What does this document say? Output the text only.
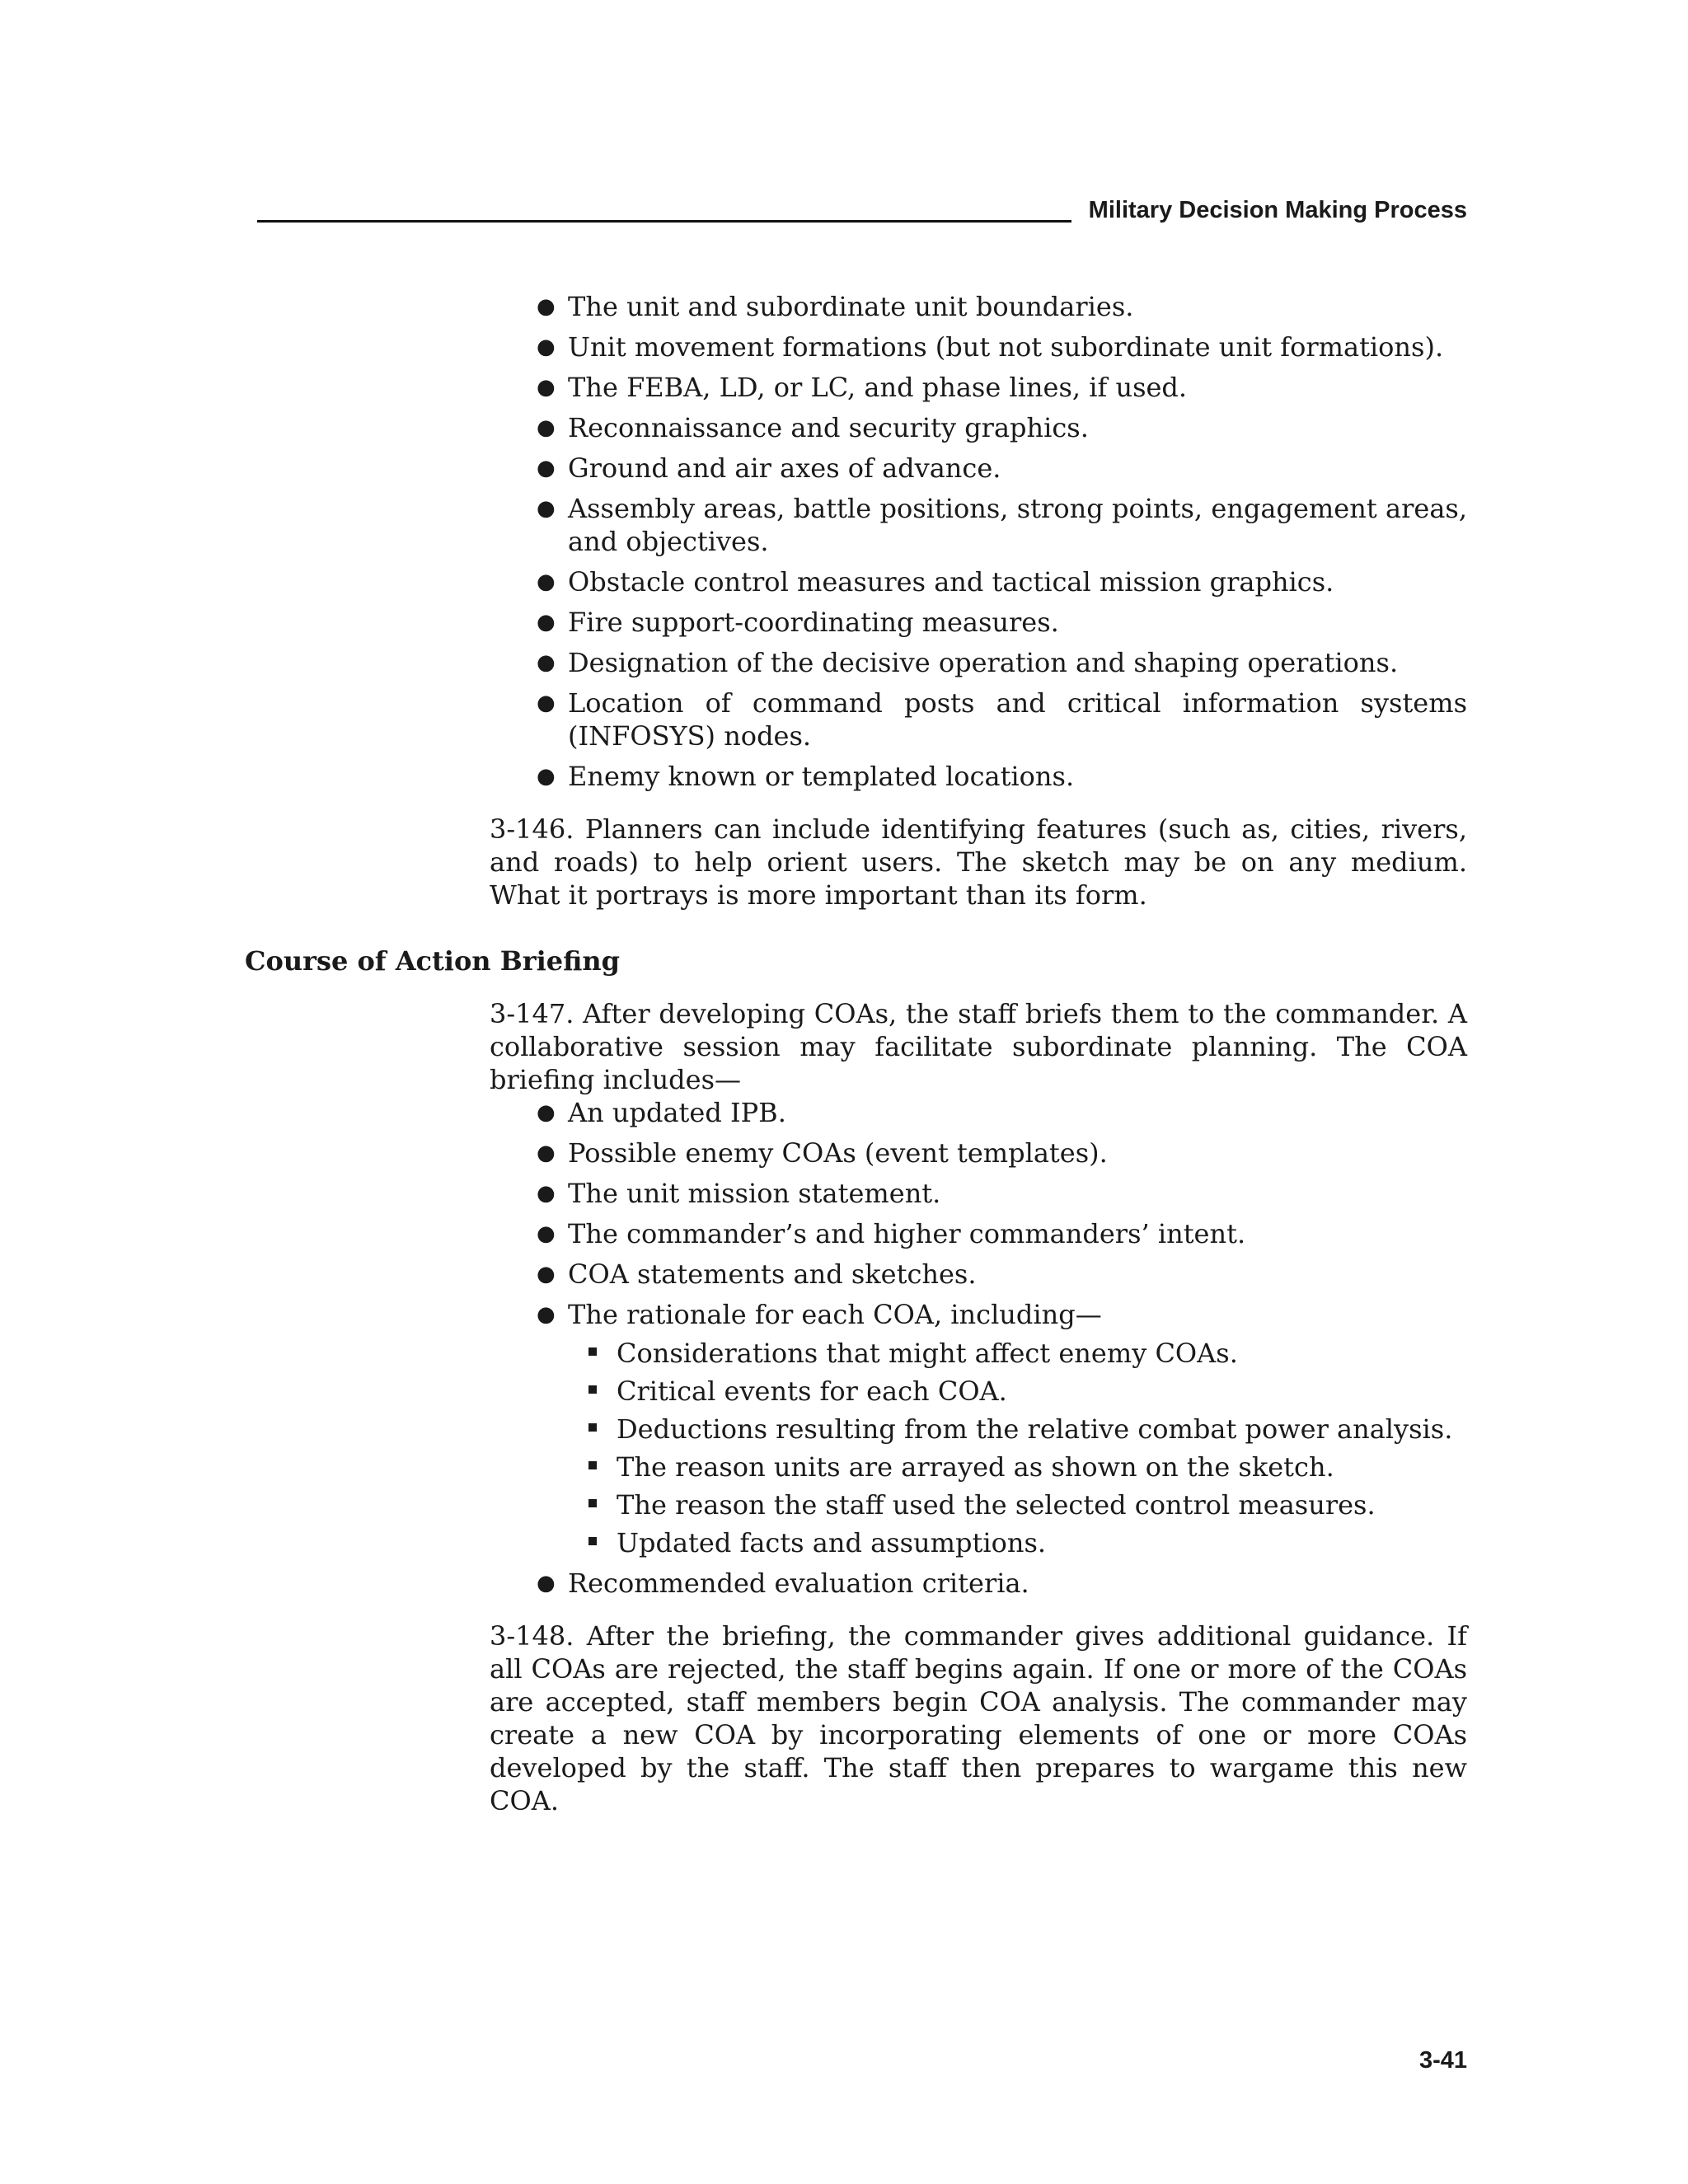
Military Decision Making Process
● The unit and subordinate unit boundaries.
● Unit movement formations (but not subordinate unit formations).
● The FEBA, LD, or LC, and phase lines, if used.
● Reconnaissance and security graphics.
● Ground and air axes of advance.
● Assembly areas, battle positions, strong points, engagement areas, and objectives.
● Obstacle control measures and tactical mission graphics.
● Fire support-coordinating measures.
● Designation of the decisive operation and shaping operations.
● Location of command posts and critical information systems (INFOSYS) nodes.
● Enemy known or templated locations.

3-146. Planners can include identifying features (such as, cities, rivers, and roads) to help orient users. The sketch may be on any medium. What it portrays is more important than its form.

Course of Action Briefing

3-147. After developing COAs, the staff briefs them to the commander. A collaborative session may facilitate subordinate planning. The COA briefing includes—

● An updated IPB.
● Possible enemy COAs (event templates).
● The unit mission statement.
● The commander’s and higher commanders’ intent.
● COA statements and sketches.
● The rationale for each COA, including—
Considerations that might affect enemy COAs.
Critical events for each COA.
Deductions resulting from the relative combat power analysis.
The reason units are arrayed as shown on the sketch.
The reason the staff used the selected control measures.
Updated facts and assumptions.
● Recommended evaluation criteria.

3-148. After the briefing, the commander gives additional guidance. If all COAs are rejected, the staff begins again. If one or more of the COAs are accepted, staff members begin COA analysis. The commander may create a new COA by incorporating elements of one or more COAs developed by the staff. The staff then prepares to wargame this new COA.

3-41
